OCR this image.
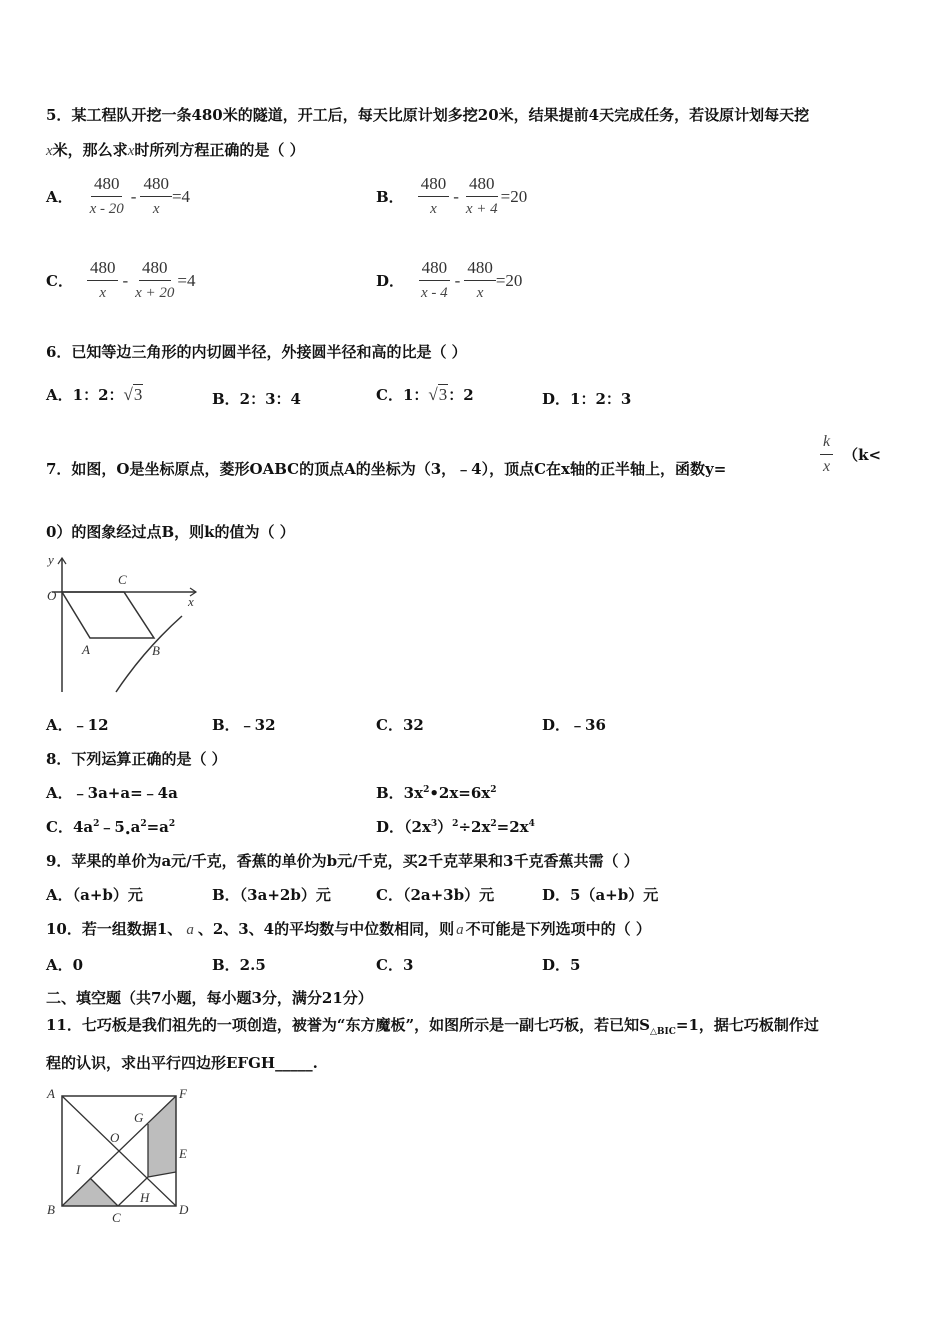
5．某工程队开挖一条480米的隧道，开工后，每天比原计划多挖20米，结果提前4天完成任务，若设原计划每天挖
x米，那么求x时所列方程正确的是（ ）
A． $\frac{480}{x - 20} - \frac{480}{x} =4$	B． $\frac{480}{x} - \frac{480}{x + 4} =20$
C． $\frac{480}{x} - \frac{480}{x + 20} =4$	D． $\frac{480}{x - 4} - \frac{480}{x} =20$
6．已知等边三角形的内切圆半径，外接圆半径和高的比是（ ）
A．1：2：√3	B．2：3：4	C．1：√3：2	D．1：2：3
7．如图，O是坐标原点，菱形OABC的顶点A的坐标为（3，﹣4），顶点C在x轴的正半轴上，函数y=	$\frac{k}{x} (k<$
0）的图象经过点B，则k的值为（ ）
y
x
O
C
A	B
A．﹣12	B．﹣32	C．32	D．﹣36
8．下列运算正确的是（ ）
A．﹣3a+a=﹣4a	B．$3x^2•2x=6x^2$
C．$4a^2﹣5_•a^2=a^2$	D．$(2x^3)^2\div 2x^2=2x^4$
9．苹果的单价为a元/千克，香蕉的单价为b元/千克，买2千克苹果和3千克香蕉共需（ ）
A．（a+b）元	B．（3a+2b）元	C．（2a+3b）元	D．5（a+b）元
10．若一组数据1、 a 、2、3、4的平均数与中位数相同，则 a 不可能是下列选项中的（ ）
A．0	B．2.5	C．3	D．5
二、填空题（共7小题，每小题3分，满分21分）
11．七巧板是我们祖先的一项创造，被誉为“东方魔板”，如图所示是一副七巧板，若已知$S_{\triangle BIC}=1$，据七巧板制作过
程的认识，求出平行四边形EFGH_____.
A	F
G
O
E
I
H
B
C
D
